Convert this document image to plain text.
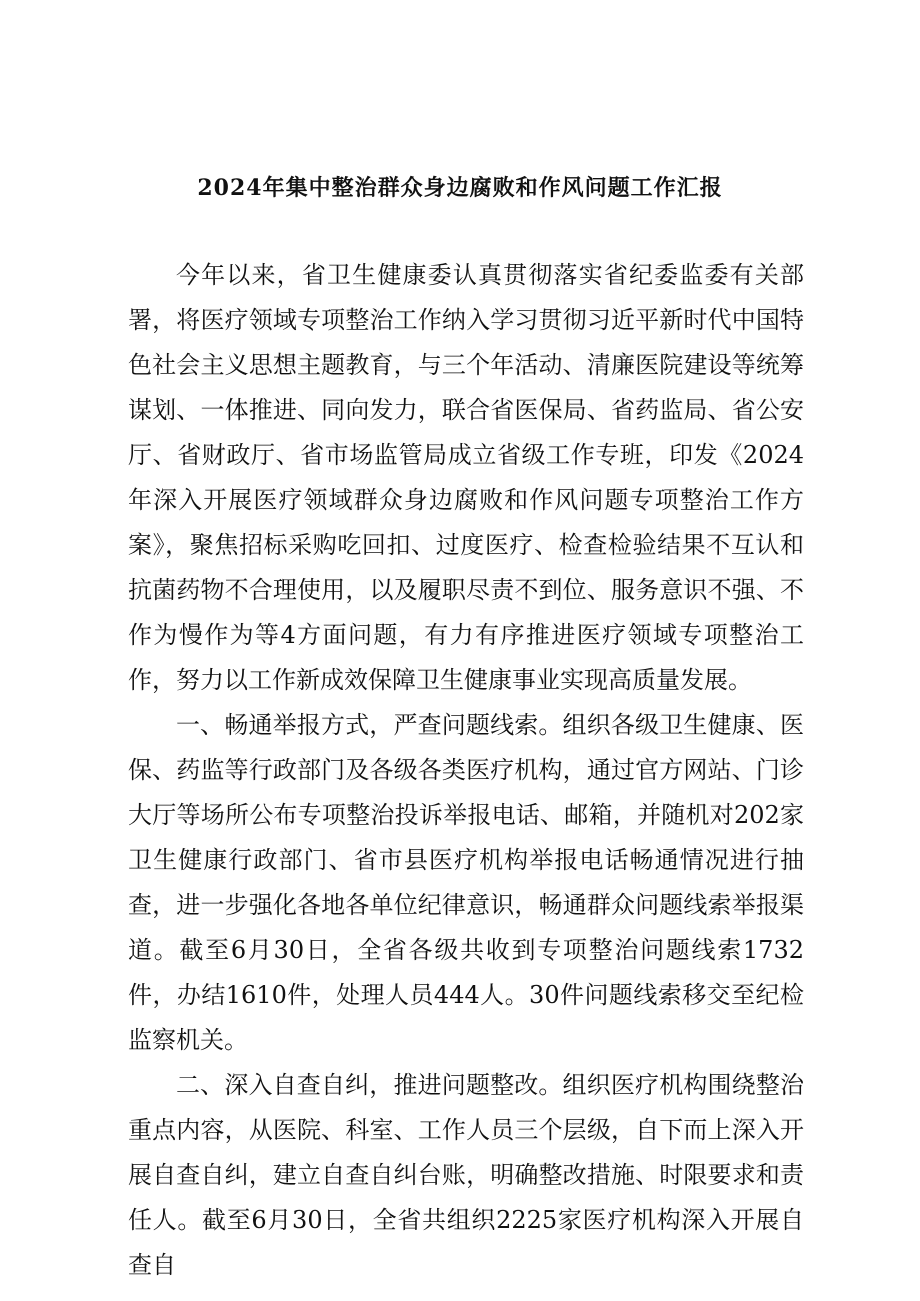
2024年集中整治群众身边腐败和作风问题工作汇报

今年以来，省卫生健康委认真贯彻落实省纪委监委有关部署，将医疗领域专项整治工作纳入学习贯彻习近平新时代中国特色社会主义思想主题教育，与三个年活动、清廉医院建设等统筹谋划、一体推进、同向发力，联合省医保局、省药监局、省公安厅、省财政厅、省市场监管局成立省级工作专班，印发《2024年深入开展医疗领域群众身边腐败和作风问题专项整治工作方案》，聚焦招标采购吃回扣、过度医疗、检查检验结果不互认和抗菌药物不合理使用，以及履职尽责不到位、服务意识不强、不作为慢作为等4方面问题，有力有序推进医疗领域专项整治工作，努力以工作新成效保障卫生健康事业实现高质量发展。

一、畅通举报方式，严查问题线索。组织各级卫生健康、医保、药监等行政部门及各级各类医疗机构，通过官方网站、门诊大厅等场所公布专项整治投诉举报电话、邮箱，并随机对202家卫生健康行政部门、省市县医疗机构举报电话畅通情况进行抽查，进一步强化各地各单位纪律意识，畅通群众问题线索举报渠道。截至6月30日，全省各级共收到专项整治问题线索1732件，办结1610件，处理人员444人。30件问题线索移交至纪检监察机关。

二、深入自查自纠，推进问题整改。组织医疗机构围绕整治重点内容，从医院、科室、工作人员三个层级，自下而上深入开展自查自纠，建立自查自纠台账，明确整改措施、时限要求和责任人。截至6月30日，全省共组织2225家医疗机构深入开展自查自
